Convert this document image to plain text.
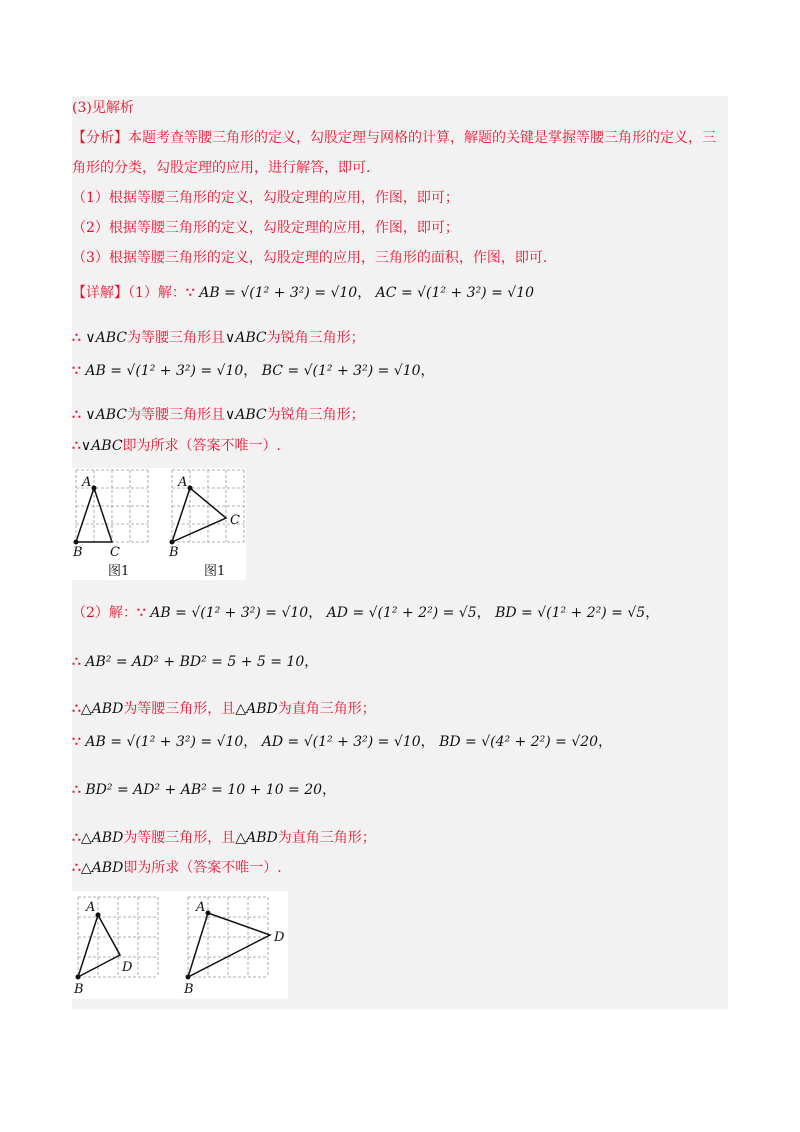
(3)见解析
【分析】本题考查等腰三角形的定义，勾股定理与网格的计算，解题的关键是掌握等腰三角形的定义，三
角形的分类，勾股定理的应用，进行解答，即可.
（1）根据等腰三角形的定义，勾股定理的应用，作图，即可；
（2）根据等腰三角形的定义，勾股定理的应用，作图，即可；
（3）根据等腰三角形的定义，勾股定理的应用，三角形的面积，作图，即可.
【详解】（1）解：∵ AB = √(1² + 3²) = √10， AC = √(1² + 3²) = √10
∴ ∨ABC为等腰三角形且∨ABC为锐角三角形；
∵ AB = √(1² + 3²) = √10， BC = √(1² + 3²) = √10，
∴ ∨ABC为等腰三角形且∨ABC为锐角三角形；
∴∨ABC即为所求（答案不唯一）.
A
B C
A
B
C
图1	图1
（2）解：∵ AB = √(1² + 3²) = √10， AD = √(1² + 2²) = √5， BD = √(1² + 2²) = √5，
∴ AB² = AD² + BD² = 5 + 5 = 10，
∴△ABD为等腰三角形，且△ABD为直角三角形；
∵ AB = √(1² + 3²) = √10， AD = √(1² + 3²) = √10， BD = √(4² + 2²) = √20，
∴ BD² = AD² + AB² = 10 + 10 = 20，
∴△ABD为等腰三角形，且△ABD为直角三角形；
∴△ABD即为所求（答案不唯一）.
A
B
D
A
B
D
